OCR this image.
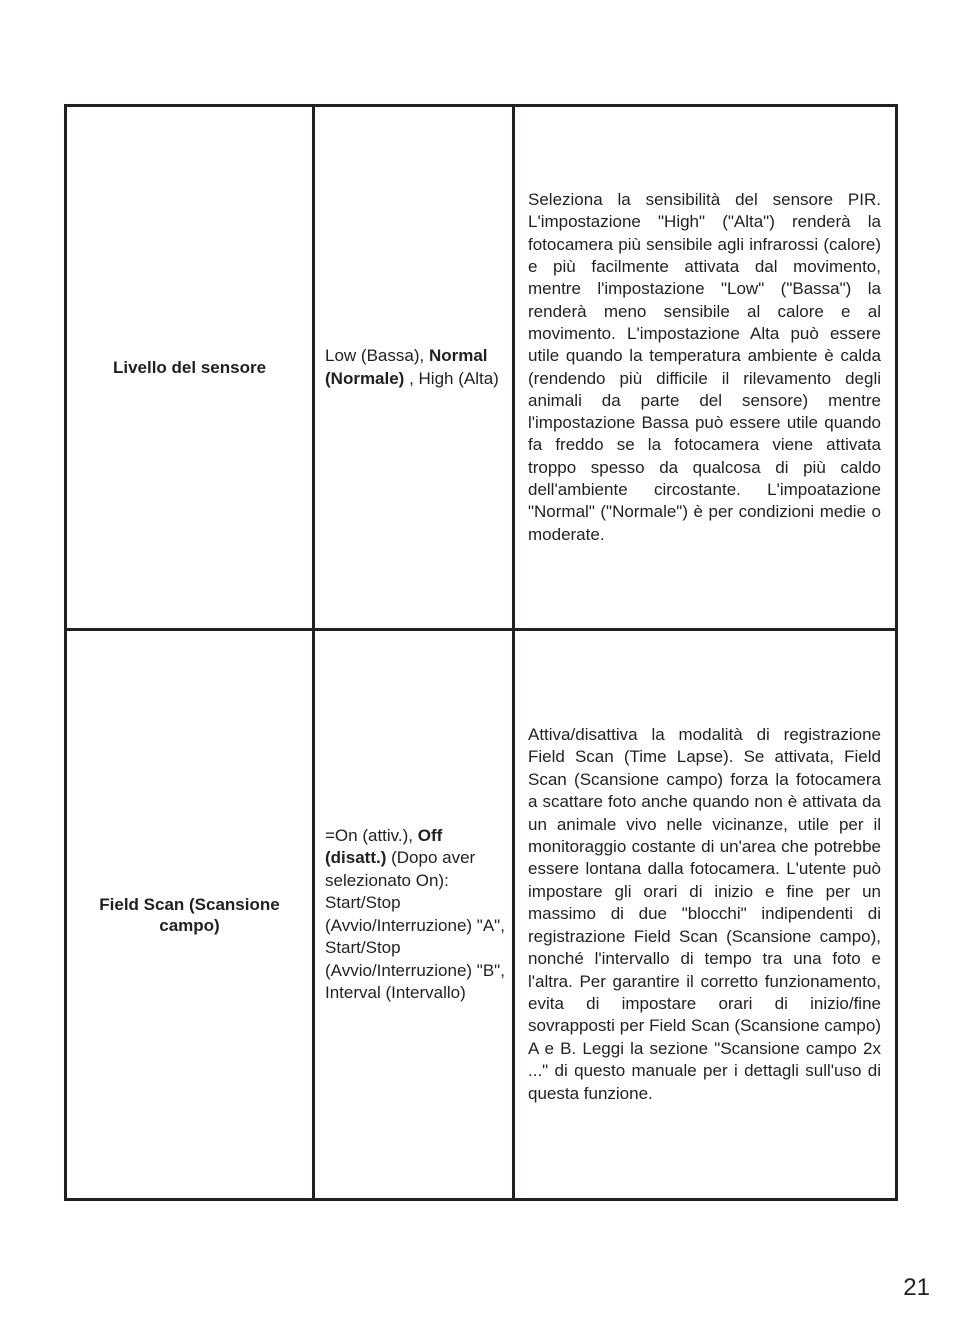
Livello del sensore	Low (Bassa), Normal (Normale) , High (Alta)	Seleziona la sensibilità del sensore PIR. L'impostazione "High" ("Alta") renderà la fotocamera più sensibile agli infrarossi (calore) e più facilmente attivata dal movimento, mentre l'impostazione "Low" ("Bassa") la renderà meno sensibile al calore e al movimento. L'impostazione Alta può essere utile quando la temperatura ambiente è calda (rendendo più difficile il rilevamento degli animali da parte del sensore) mentre l'impostazione Bassa può essere utile quando fa freddo se la fotocamera viene attivata troppo spesso da qualcosa di più caldo dell'ambiente circostante. L'impoatazione "Normal" ("Normale") è per condizioni medie o moderate.
Field Scan (Scansione campo)	=On (attiv.), Off (disatt.) (Dopo aver selezionato On): Start/Stop (Avvio/Interruzione) "A", Start/Stop (Avvio/Interruzione) "B", Interval (Intervallo)	Attiva/disattiva la modalità di registrazione Field Scan (Time Lapse). Se attivata, Field Scan (Scansione campo) forza la fotocamera a scattare foto anche quando non è attivata da un animale vivo nelle vicinanze, utile per il monitoraggio costante di un'area che potrebbe essere lontana dalla fotocamera. L'utente può impostare gli orari di inizio e fine per un massimo di due "blocchi" indipendenti di registrazione Field Scan (Scansione campo), nonché l'intervallo di tempo tra una foto e l'altra. Per garantire il corretto funzionamento, evita di impostare orari di inizio/fine sovrapposti per Field Scan (Scansione campo) A e B. Leggi la sezione "Scansione campo 2x ..." di questo manuale per i dettagli sull'uso di questa funzione.
21
